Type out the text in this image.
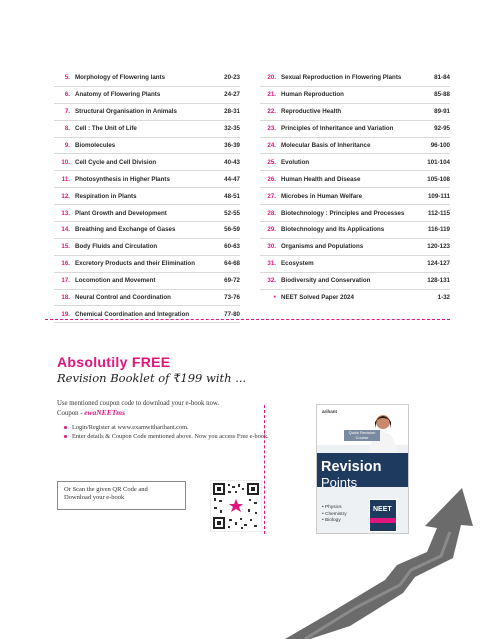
5. Morphology of Flowering lants	20-23
6. Anatomy of Flowering Plants	24-27
7. Structural Organisation in Animals	28-31
8. Cell : The Unit of Life	32-35
9. Biomolecules	36-39
10. Cell Cycle and Cell Division	40-43
11. Photosynthesis in Higher Plants	44-47
12. Respiration in Plants	48-51
13. Plant Growth and Development	52-55
14. Breathing and Exchange of Gases	56-59
15. Body Fluids and Circulation	60-63
16. Excretory Products and their Elimination	64-68
17. Locomotion and Movement	69-72
18. Neural Control and Coordination	73-76
19. Chemical Coordination and Integration	77-80
20. Sexual Reproduction in Flowering Plants	81-84
21. Human Reproduction	85-88
22. Reproductive Health	89-91
23. Principles of Inheritance and Variation	92-95
24. Molecular Basis of Inheritance	96-100
25. Evolution	101-104
26. Human Health and Disease	105-108
27. Microbes in Human Welfare	109-111
28. Biotechnology : Principles and Processes	112-115
29. Biotechnology and Its Applications	116-119
30. Organisms and Populations	120-123
31. Ecosystem	124-127
32. Biodiversity and Conservation	128-131
• NEET Solved Paper 2024	1-32
Absolutily FREE
Revision Booklet of ₹199 with ...
Use mentioned coupon code to download your e-book now.
Coupon - ewaNEETms
Login/Register at www.examwitharihant.com.
Enter details & Coupon Code mentioned above. Now you access Free e-book.
Or Scan the given QR Code and
Download your e-book
arihant
Quick Revision Course
Revision
Points
• Physics
• Chemistry
• Biology
NEET
